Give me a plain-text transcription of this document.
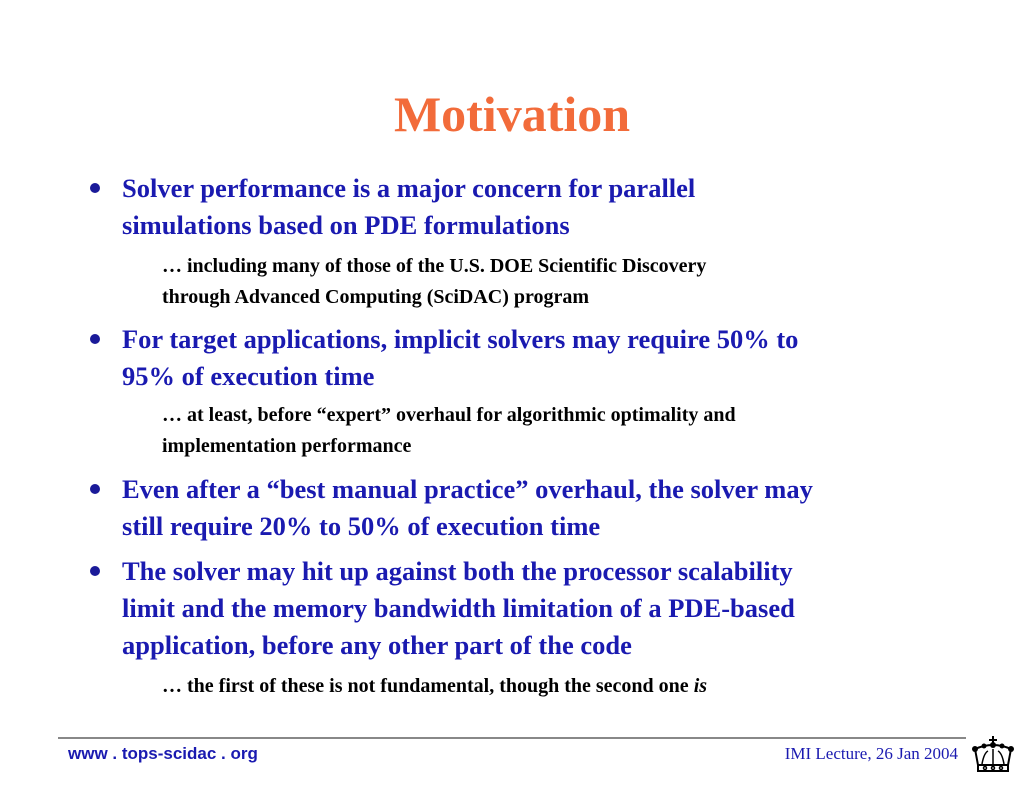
Motivation
Solver performance is a major concern for parallel
simulations based on PDE formulations
… including many of those of the U.S. DOE Scientific Discovery
through Advanced Computing (SciDAC) program
For target applications, implicit solvers may require 50% to
95% of execution time
… at least, before “expert” overhaul for algorithmic optimality and
implementation performance
Even after a “best manual practice” overhaul, the solver may
still require 20% to 50% of execution time
The solver may hit up against both the processor scalability
limit and the memory bandwidth limitation of a PDE-based
application, before any other part of the code
… the first of these is not fundamental, though the second one is
www . tops-scidac . org	IMI Lecture, 26 Jan 2004
